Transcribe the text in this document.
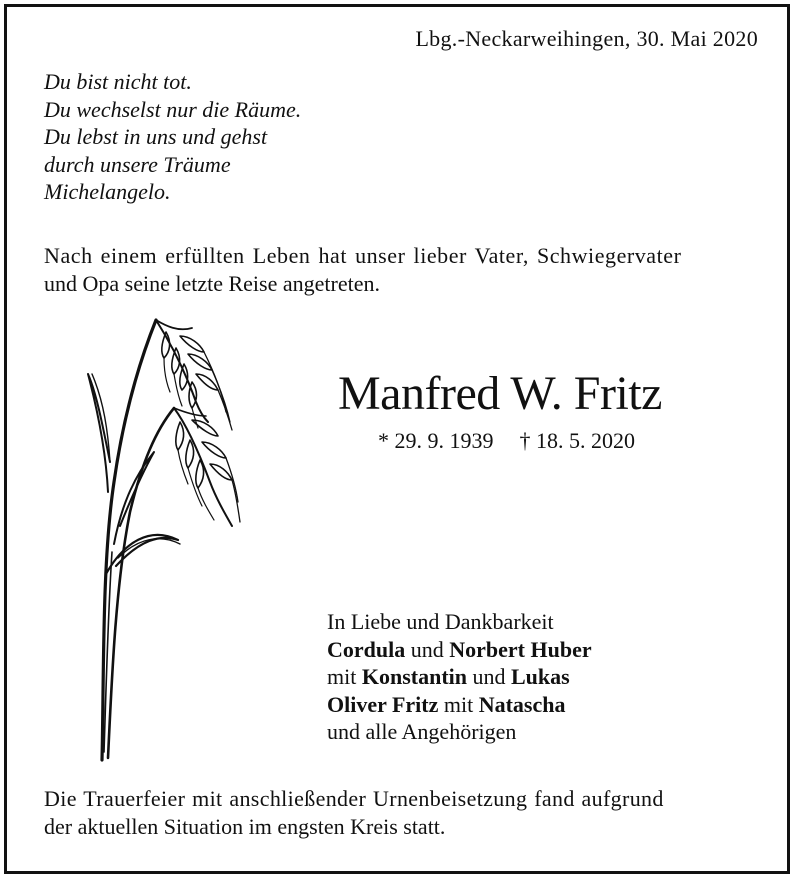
Lbg.-Neckarweihingen, 30. Mai 2020
Du bist nicht tot.
Du wechselst nur die Räume.
Du lebst in uns und gehst
durch unsere Träume
Michelangelo.
Nach einem erfüllten Leben hat unser lieber Vater, Schwiegervater
und Opa seine letzte Reise angetreten.
Manfred W. Fritz
* 29. 9. 1939 † 18. 5. 2020
In Liebe und Dankbarkeit
Cordula und Norbert Huber
mit Konstantin und Lukas
Oliver Fritz mit Natascha
und alle Angehörigen
Die Trauerfeier mit anschließender Urnenbeisetzung fand aufgrund
der aktuellen Situation im engsten Kreis statt.
